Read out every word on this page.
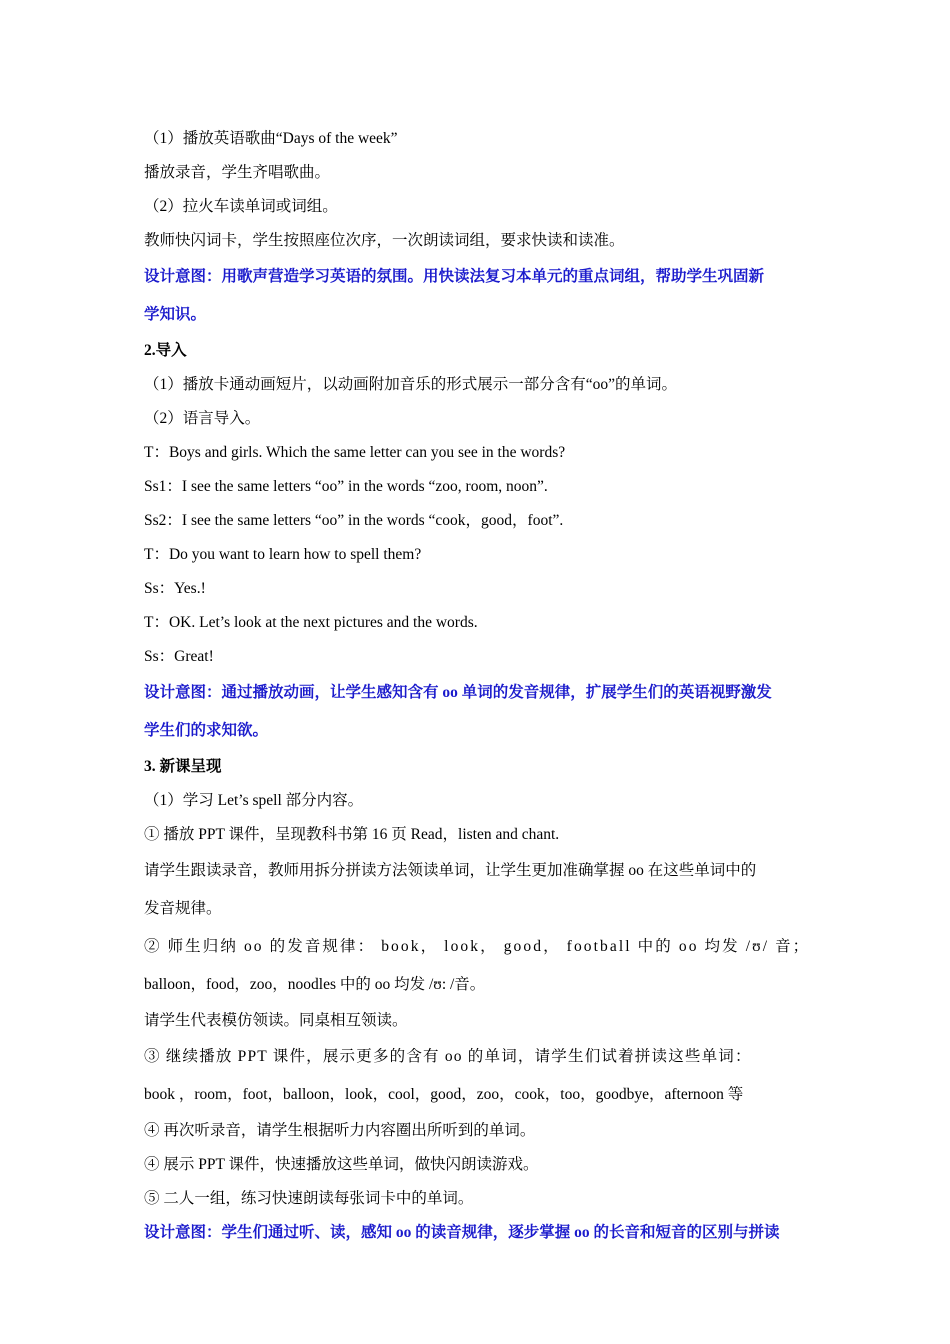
（1）播放英语歌曲“Days of the week”
播放录音，学生齐唱歌曲。
（2）拉火车读单词或词组。
教师快闪词卡，学生按照座位次序，一次朗读词组，要求快读和读准。
设计意图：用歌声营造学习英语的氛围。用快读法复习本单元的重点词组，帮助学生巩固新
学知识。
2.导入
（1）播放卡通动画短片，以动画附加音乐的形式展示一部分含有“oo”的单词。
（2）语言导入。
T：Boys and girls. Which the same letter can you see in the words?
Ss1：I see the same letters “oo” in the words “zoo, room, noon”.
Ss2：I see the same letters “oo” in the words “cook，good，foot”.
T：Do you want to learn how to spell them?
Ss：Yes.!
T：OK. Let’s look at the next pictures and the words.
Ss：Great!
设计意图：通过播放动画，让学生感知含有 oo 单词的发音规律，扩展学生们的英语视野激发
学生们的求知欲。
3. 新课呈现
（1）学习 Let’s spell 部分内容。
① 播放 PPT 课件，呈现教科书第 16 页 Read，listen and chant.
请学生跟读录音，教师用拆分拼读方法领读单词，让学生更加准确掌握 oo 在这些单词中的
发音规律。
② 师生归纳 oo 的发音规律： book， look， good， football 中的 oo 均发 /ʊ/ 音；
balloon，food，zoo，noodles 中的 oo 均发 /ʊ: /音。
请学生代表模仿领读。同桌相互领读。
③ 继续播放 PPT 课件，展示更多的含有 oo 的单词，请学生们试着拼读这些单词：
book ，room，foot，balloon，look，cool，good，zoo，cook，too，goodbye，afternoon 等
④ 再次听录音，请学生根据听力内容圈出所听到的单词。
④ 展示 PPT 课件，快速播放这些单词，做快闪朗读游戏。
⑤ 二人一组，练习快速朗读每张词卡中的单词。
设计意图：学生们通过听、读，感知 oo 的读音规律，逐步掌握 oo 的长音和短音的区别与拼读
